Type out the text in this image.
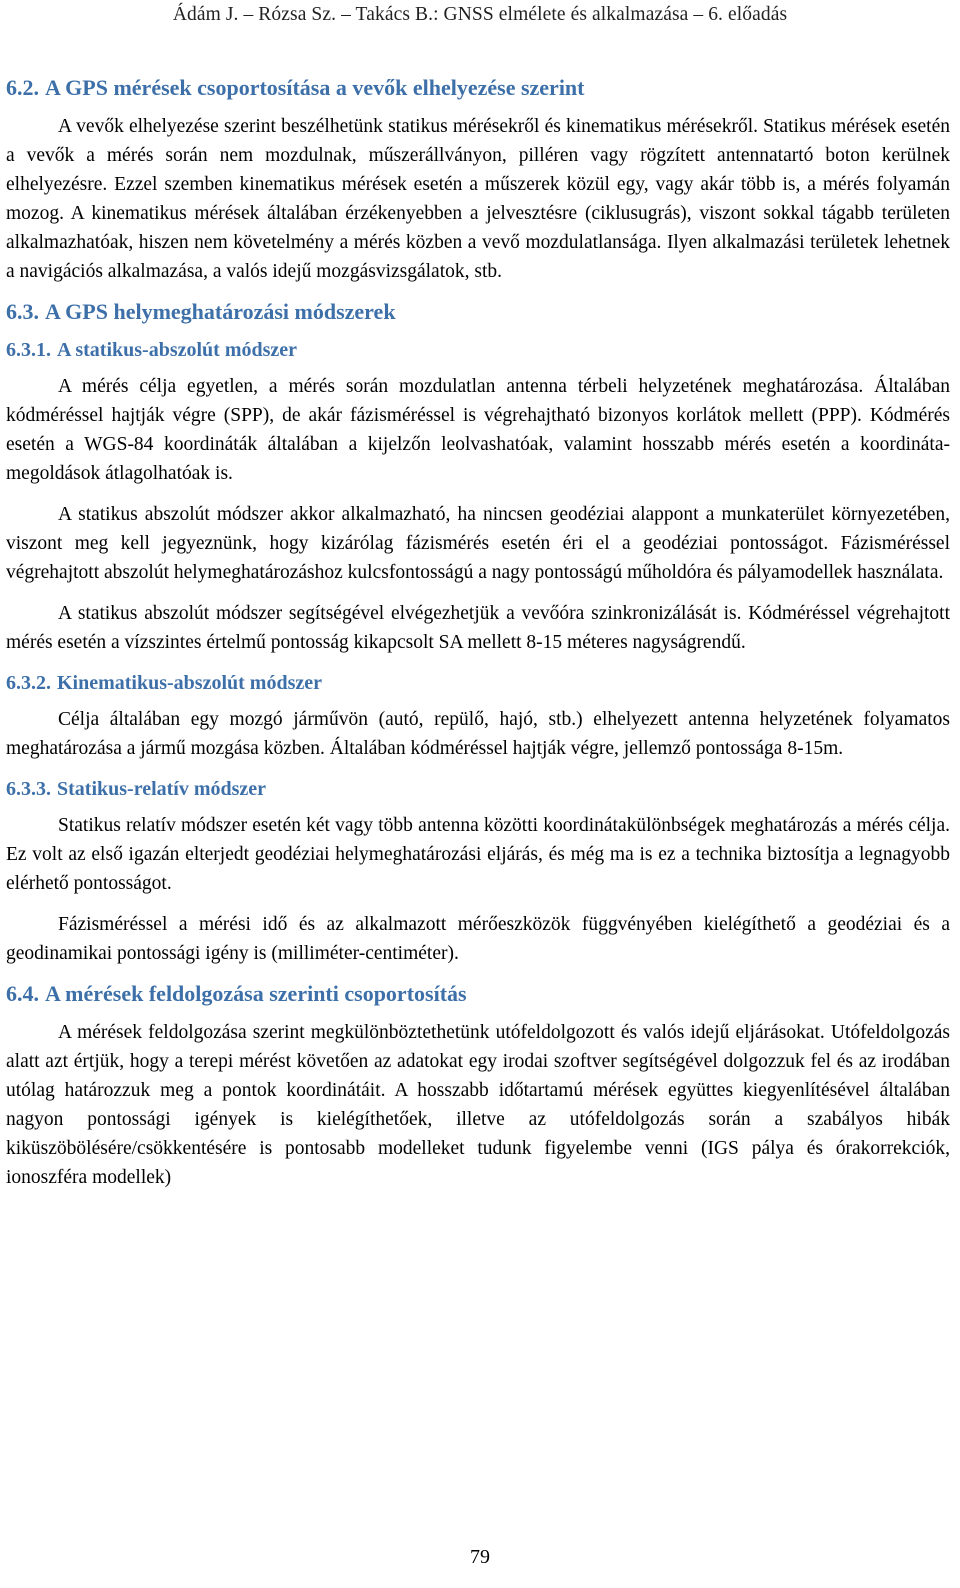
Ádám J. – Rózsa Sz. – Takács B.: GNSS elmélete és alkalmazása – 6. előadás
6.2. A GPS mérések csoportosítása a vevők elhelyezése szerint

A vevők elhelyezése szerint beszélhetünk statikus mérésekről és kinematikus mérésekről. Statikus mérések esetén a vevők a mérés során nem mozdulnak, műszerállványon, pilléren vagy rögzített antennatartó boton kerülnek elhelyezésre. Ezzel szemben kinematikus mérések esetén a műszerek közül egy, vagy akár több is, a mérés folyamán mozog. A kinematikus mérések általában érzékenyebben a jelvesztésre (ciklusugrás), viszont sokkal tágabb területen alkalmazhatóak, hiszen nem követelmény a mérés közben a vevő mozdulatlansága. Ilyen alkalmazási területek lehetnek a navigációs alkalmazása, a valós idejű mozgásvizsgálatok, stb.

6.3. A GPS helymeghatározási módszerek
6.3.1. A statikus-abszolút módszer

A mérés célja egyetlen, a mérés során mozdulatlan antenna térbeli helyzetének meghatározása. Általában kódméréssel hajtják végre (SPP), de akár fázisméréssel is végrehajtható bizonyos korlátok mellett (PPP). Kódmérés esetén a WGS-84 koordináták általában a kijelzőn leolvashatóak, valamint hosszabb mérés esetén a koordináta-megoldások átlagolhatóak is.

A statikus abszolút módszer akkor alkalmazható, ha nincsen geodéziai alappont a munkaterület környezetében, viszont meg kell jegyeznünk, hogy kizárólag fázismérés esetén éri el a geodéziai pontosságot. Fázisméréssel végrehajtott abszolút helymeghatározáshoz kulcsfontosságú a nagy pontosságú műholdóra és pályamodellek használata.

A statikus abszolút módszer segítségével elvégezhetjük a vevőóra szinkronizálását is. Kódméréssel végrehajtott mérés esetén a vízszintes értelmű pontosság kikapcsolt SA mellett 8-15 méteres nagyságrendű.

6.3.2. Kinematikus-abszolút módszer

Célja általában egy mozgó járművön (autó, repülő, hajó, stb.) elhelyezett antenna helyzetének folyamatos meghatározása a jármű mozgása közben. Általában kódméréssel hajtják végre, jellemző pontossága 8-15m.

6.3.3. Statikus-relatív módszer

Statikus relatív módszer esetén két vagy több antenna közötti koordinátakülönbségek meghatározás a mérés célja. Ez volt az első igazán elterjedt geodéziai helymeghatározási eljárás, és még ma is ez a technika biztosítja a legnagyobb elérhető pontosságot.

Fázisméréssel a mérési idő és az alkalmazott mérőeszközök függvényében kielégíthető a geodéziai és a geodinamikai pontossági igény is (milliméter-centiméter).

6.4. A mérések feldolgozása szerinti csoportosítás

A mérések feldolgozása szerint megkülönböztethetünk utófeldolgozott és valós idejű eljárásokat. Utófeldolgozás alatt azt értjük, hogy a terepi mérést követően az adatokat egy irodai szoftver segítségével dolgozzuk fel és az irodában utólag határozzuk meg a pontok koordinátáit. A hosszabb időtartamú mérések együttes kiegyenlítésével általában nagyon pontossági igények is kielégíthetőek, illetve az utófeldolgozás során a szabályos hibák kiküszöbölésére/csökkentésére is pontosabb modelleket tudunk figyelembe venni (IGS pálya és órakorrekciók, ionoszféra modellek)

79
